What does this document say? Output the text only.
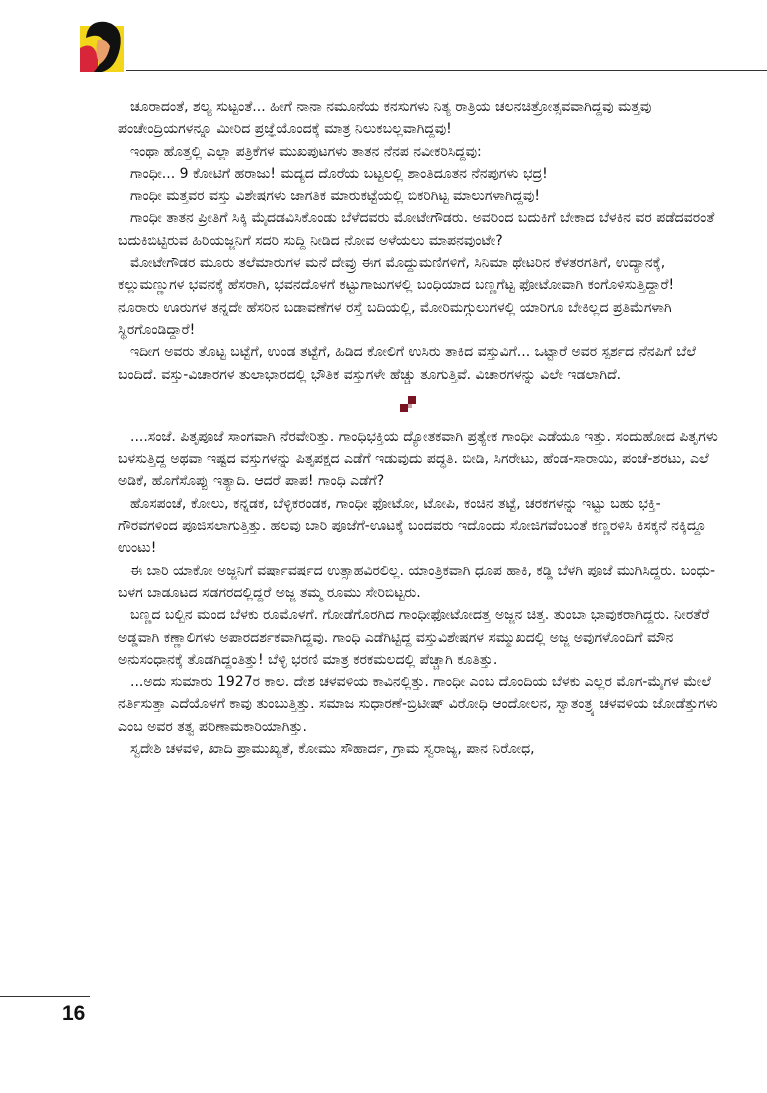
ಚೂರಾದಂತೆ, ಶಲ್ಯ ಸುಟ್ಟಂತೆ... ಹೀಗೆ ನಾನಾ ನಮೂನೆಯ ಕನಸುಗಳು ನಿತ್ಯ ರಾತ್ರಿಯ ಚಲನಚಿತ್ರೋತ್ಸವವಾಗಿದ್ದವು ಮತ್ತವು ಪಂಚೇಂದ್ರಿಯಗಳನ್ನೂ ಮೀರಿದ ಪ್ರಜ್ಞೆಯೊಂದಕ್ಕೆ ಮಾತ್ರ ನಿಲುಕಬಲ್ಲವಾಗಿದ್ದವು!

ಇಂಥಾ ಹೊತ್ತಲ್ಲಿ ಎಲ್ಲಾ ಪತ್ರಿಕೆಗಳ ಮುಖಪುಟಗಳು ತಾತನ ನೆನಪ ನವೀಕರಿಸಿದ್ದವು:

ಗಾಂಧೀ... 9 ಕೋಟಿಗೆ ಹರಾಜು! ಮದ್ಯದ ದೊರೆಯ ಬಟ್ಟಲಲ್ಲಿ ಶಾಂತಿದೂತನ ನೆನಪುಗಳು ಭದ್ರ!

ಗಾಂಧೀ ಮತ್ತವರ ವಸ್ತು ವಿಶೇಷಗಳು ಜಾಗತಿಕ ಮಾರುಕಟ್ಟೆಯಲ್ಲಿ ಬಿಕರಿಗಿಟ್ಟ ಮಾಲುಗಳಾಗಿದ್ದವು!

ಗಾಂಧೀ ತಾತನ ಪ್ರೀತಿಗೆ ಸಿಕ್ಕಿ ಮೈದಡವಿಸಿಕೊಂಡು ಬೆಳೆದವರು ಮೋಟೇಗೌಡರು. ಅವರಿಂದ ಬದುಕಿಗೆ ಬೇಕಾದ ಬೆಳಕಿನ ವರ ಪಡೆದವರಂತೆ ಬದುಕಿಬಿಟ್ಟಿರುವ ಹಿರಿಯಜ್ಜನಿಗೆ ಸದರಿ ಸುದ್ದಿ ನೀಡಿದ ನೋವ ಅಳೆಯಲು ಮಾಪನವುಂಟೇ?

ಮೋಟೇಗೌಡರ ಮೂರು ತಲೆಮಾರುಗಳ ಮನೆ ದೇವ್ರು ಈಗ ಮೊದ್ದುಮಣಿಗಳಿಗೆ, ಸಿನಿಮಾ ಥೇಟರಿನ ಕೆಳತರಗತಿಗೆ, ಉದ್ಯಾನಕ್ಕೆ, ಕಲ್ಲುಮಣ್ಣುಗಳ ಭವನಕ್ಕೆ ಹೆಸರಾಗಿ, ಭವನದೊಳಗೆ ಕಟ್ಟುಗಾಜುಗಳಲ್ಲಿ ಬಂಧಿಯಾದ ಬಣ್ಣಗೆಟ್ಟ ಫೋಟೋವಾಗಿ ಕಂಗೊಳಿಸುತ್ತಿದ್ದಾರೆ! ನೂರಾರು ಊರುಗಳ ತನ್ನದೇ ಹೆಸರಿನ ಬಡಾವಣೆಗಳ ರಸ್ತೆ ಬದಿಯಲ್ಲಿ, ಮೋರಿಮಗ್ಗುಲುಗಳಲ್ಲಿ ಯಾರಿಗೂ ಬೇಕಿಲ್ಲದ ಪ್ರತಿಮೆಗಳಾಗಿ ಸ್ಥಿರಗೊಂಡಿದ್ದಾರೆ!

ಇದೀಗ ಅವರು ತೊಟ್ಟ ಬಟ್ಟೆಗೆ, ಉಂಡ ತಟ್ಟೆಗೆ, ಹಿಡಿದ ಕೋಲಿಗೆ ಉಸಿರು ತಾಕಿದ ವಸ್ತುವಿಗೆ... ಒಟ್ಟಾರೆ ಅವರ ಸ್ಪರ್ಶದ ನೆನಪಿಗೆ ಬೆಲೆ ಬಂದಿದೆ. ವಸ್ತು-ವಿಚಾರಗಳ ತುಲಾಭಾರದಲ್ಲಿ ಭೌತಿಕ ವಸ್ತುಗಳೇ ಹೆಚ್ಚು ತೂಗುತ್ತಿವೆ. ವಿಚಾರಗಳನ್ನು ವಿಲೇ ಇಡಲಾಗಿದೆ.

....ಸಂಜೆ. ಪಿತೃಪೂಜೆ ಸಾಂಗವಾಗಿ ನೆರವೇರಿತ್ತು. ಗಾಂಧಿಭಕ್ತಿಯ ದ್ಯೋತಕವಾಗಿ ಪ್ರತ್ಯೇಕ ಗಾಂಧೀ ಎಡೆಯೂ ಇತ್ತು. ಸಂದುಹೋದ ಪಿತೃಗಳು ಬಳಸುತ್ತಿದ್ದ ಅಥವಾ ಇಷ್ಟದ ವಸ್ತುಗಳನ್ನು ಪಿತೃಪಕ್ಷದ ಎಡೆಗೆ ಇಡುವುದು ಪದ್ಧತಿ. ಬೀಡಿ, ಸಿಗರೇಟು, ಹೆಂಡ-ಸಾರಾಯಿ, ಪಂಚೆ-ಶರಟು, ಎಲೆ ಅಡಿಕೆ, ಹೊಗೆಸೊಪ್ಪು ಇತ್ಯಾದಿ. ಆದರೆ ಪಾಪ! ಗಾಂಧಿ ಎಡೆಗೆ?

ಹೊಸಪಂಚೆ, ಕೋಲು, ಕನ್ನಡಕ, ಬೆಳ್ಳಿಕರಂಡಕ, ಗಾಂಧೀ ಫೋಟೋ, ಟೋಪಿ, ಕಂಚಿನ ತಟ್ಟೆ, ಚರಕಗಳನ್ನು ಇಟ್ಟು ಬಹು ಭಕ್ತಿ-ಗೌರವಗಳಿಂದ ಪೂಜಿಸಲಾಗುತ್ತಿತ್ತು. ಹಲವು ಬಾರಿ ಪೂಜೆಗೆ-ಊಟಕ್ಕೆ ಬಂದವರು ಇದೊಂದು ಸೋಜಿಗವೆಂಬಂತೆ ಕಣ್ಣರಳಿಸಿ ಕಿಸಕ್ಕನೆ ನಕ್ಕಿದ್ದೂ ಉಂಟು!

ಈ ಬಾರಿ ಯಾಕೋ ಅಜ್ಜನಿಗೆ ವರ್ಷಾವರ್ಷದ ಉತ್ಸಾಹವಿರಲಿಲ್ಲ. ಯಾಂತ್ರಿಕವಾಗಿ ಧೂಪ ಹಾಕಿ, ಕಡ್ಡಿ ಬೆಳಗಿ ಪೂಜೆ ಮುಗಿಸಿದ್ದರು. ಬಂಧು-ಬಳಗ ಬಾಡೂಟದ ಸಡಗರದಲ್ಲಿದ್ದರೆ ಅಜ್ಜ ತಮ್ಮ ರೂಮು ಸೇರಿಬಿಟ್ಟರು.

ಬಣ್ಣದ ಬಲ್ಬಿನ ಮಂದ ಬೆಳಕು ರೂಮೊಳಗೆ. ಗೋಡೆಗೊರಗಿದ ಗಾಂಧೀಫೋಟೋದತ್ತ ಅಜ್ಜನ ಚಿತ್ತ. ತುಂಬಾ ಭಾವುಕರಾಗಿದ್ದರು. ನೀರತೆರೆ ಅಡ್ಡವಾಗಿ ಕಣ್ಣಾಲಿಗಳು ಅಪಾರದರ್ಶಕವಾಗಿದ್ದವು. ಗಾಂಧಿ ಎಡೆಗಿಟ್ಟಿದ್ದ ವಸ್ತುವಿಶೇಷಗಳ ಸಮ್ಮುಖದಲ್ಲಿ ಅಜ್ಜ ಅವುಗಳೊಂದಿಗೆ ಮೌನ ಅನುಸಂಧಾನಕ್ಕೆ ತೊಡಗಿದ್ದಂತಿತ್ತು! ಬೆಳ್ಳಿ ಭರಣಿ ಮಾತ್ರ ಕರಕಮಲದಲ್ಲಿ ಪೆಚ್ಚಾಗಿ ಕೂತಿತ್ತು.

...ಅದು ಸುಮಾರು 1927ರ ಕಾಲ. ದೇಶ ಚಳವಳಿಯ ಕಾವಿನಲ್ಲಿತ್ತು. ಗಾಂಧೀ ಎಂಬ ದೊಂದಿಯ ಬೆಳಕು ಎಲ್ಲರ ಮೊಗ-ಮೈಗಳ ಮೇಲೆ ನರ್ತಿಸುತ್ತಾ ಎದೆಯೊಳಗೆ ಕಾವು ತುಂಬುತ್ತಿತ್ತು. ಸಮಾಜ ಸುಧಾರಣೆ-ಬ್ರಿಟೀಷ್ ವಿರೋಧಿ ಆಂದೋಲನ, ಸ್ವಾತಂತ್ರ್ಯ ಚಳವಳಿಯ ಜೋಡೆತ್ತುಗಳು ಎಂಬ ಅವರ ತತ್ವ ಪರಿಣಾಮಕಾರಿಯಾಗಿತ್ತು.

ಸ್ವದೇಶಿ ಚಳವಳಿ, ಖಾದಿ ಪ್ರಾಮುಖ್ಯತೆ, ಕೋಮು ಸೌಹಾರ್ದ, ಗ್ರಾಮ ಸ್ವರಾಜ್ಯ, ಪಾನ ನಿರೋಧ,

16
